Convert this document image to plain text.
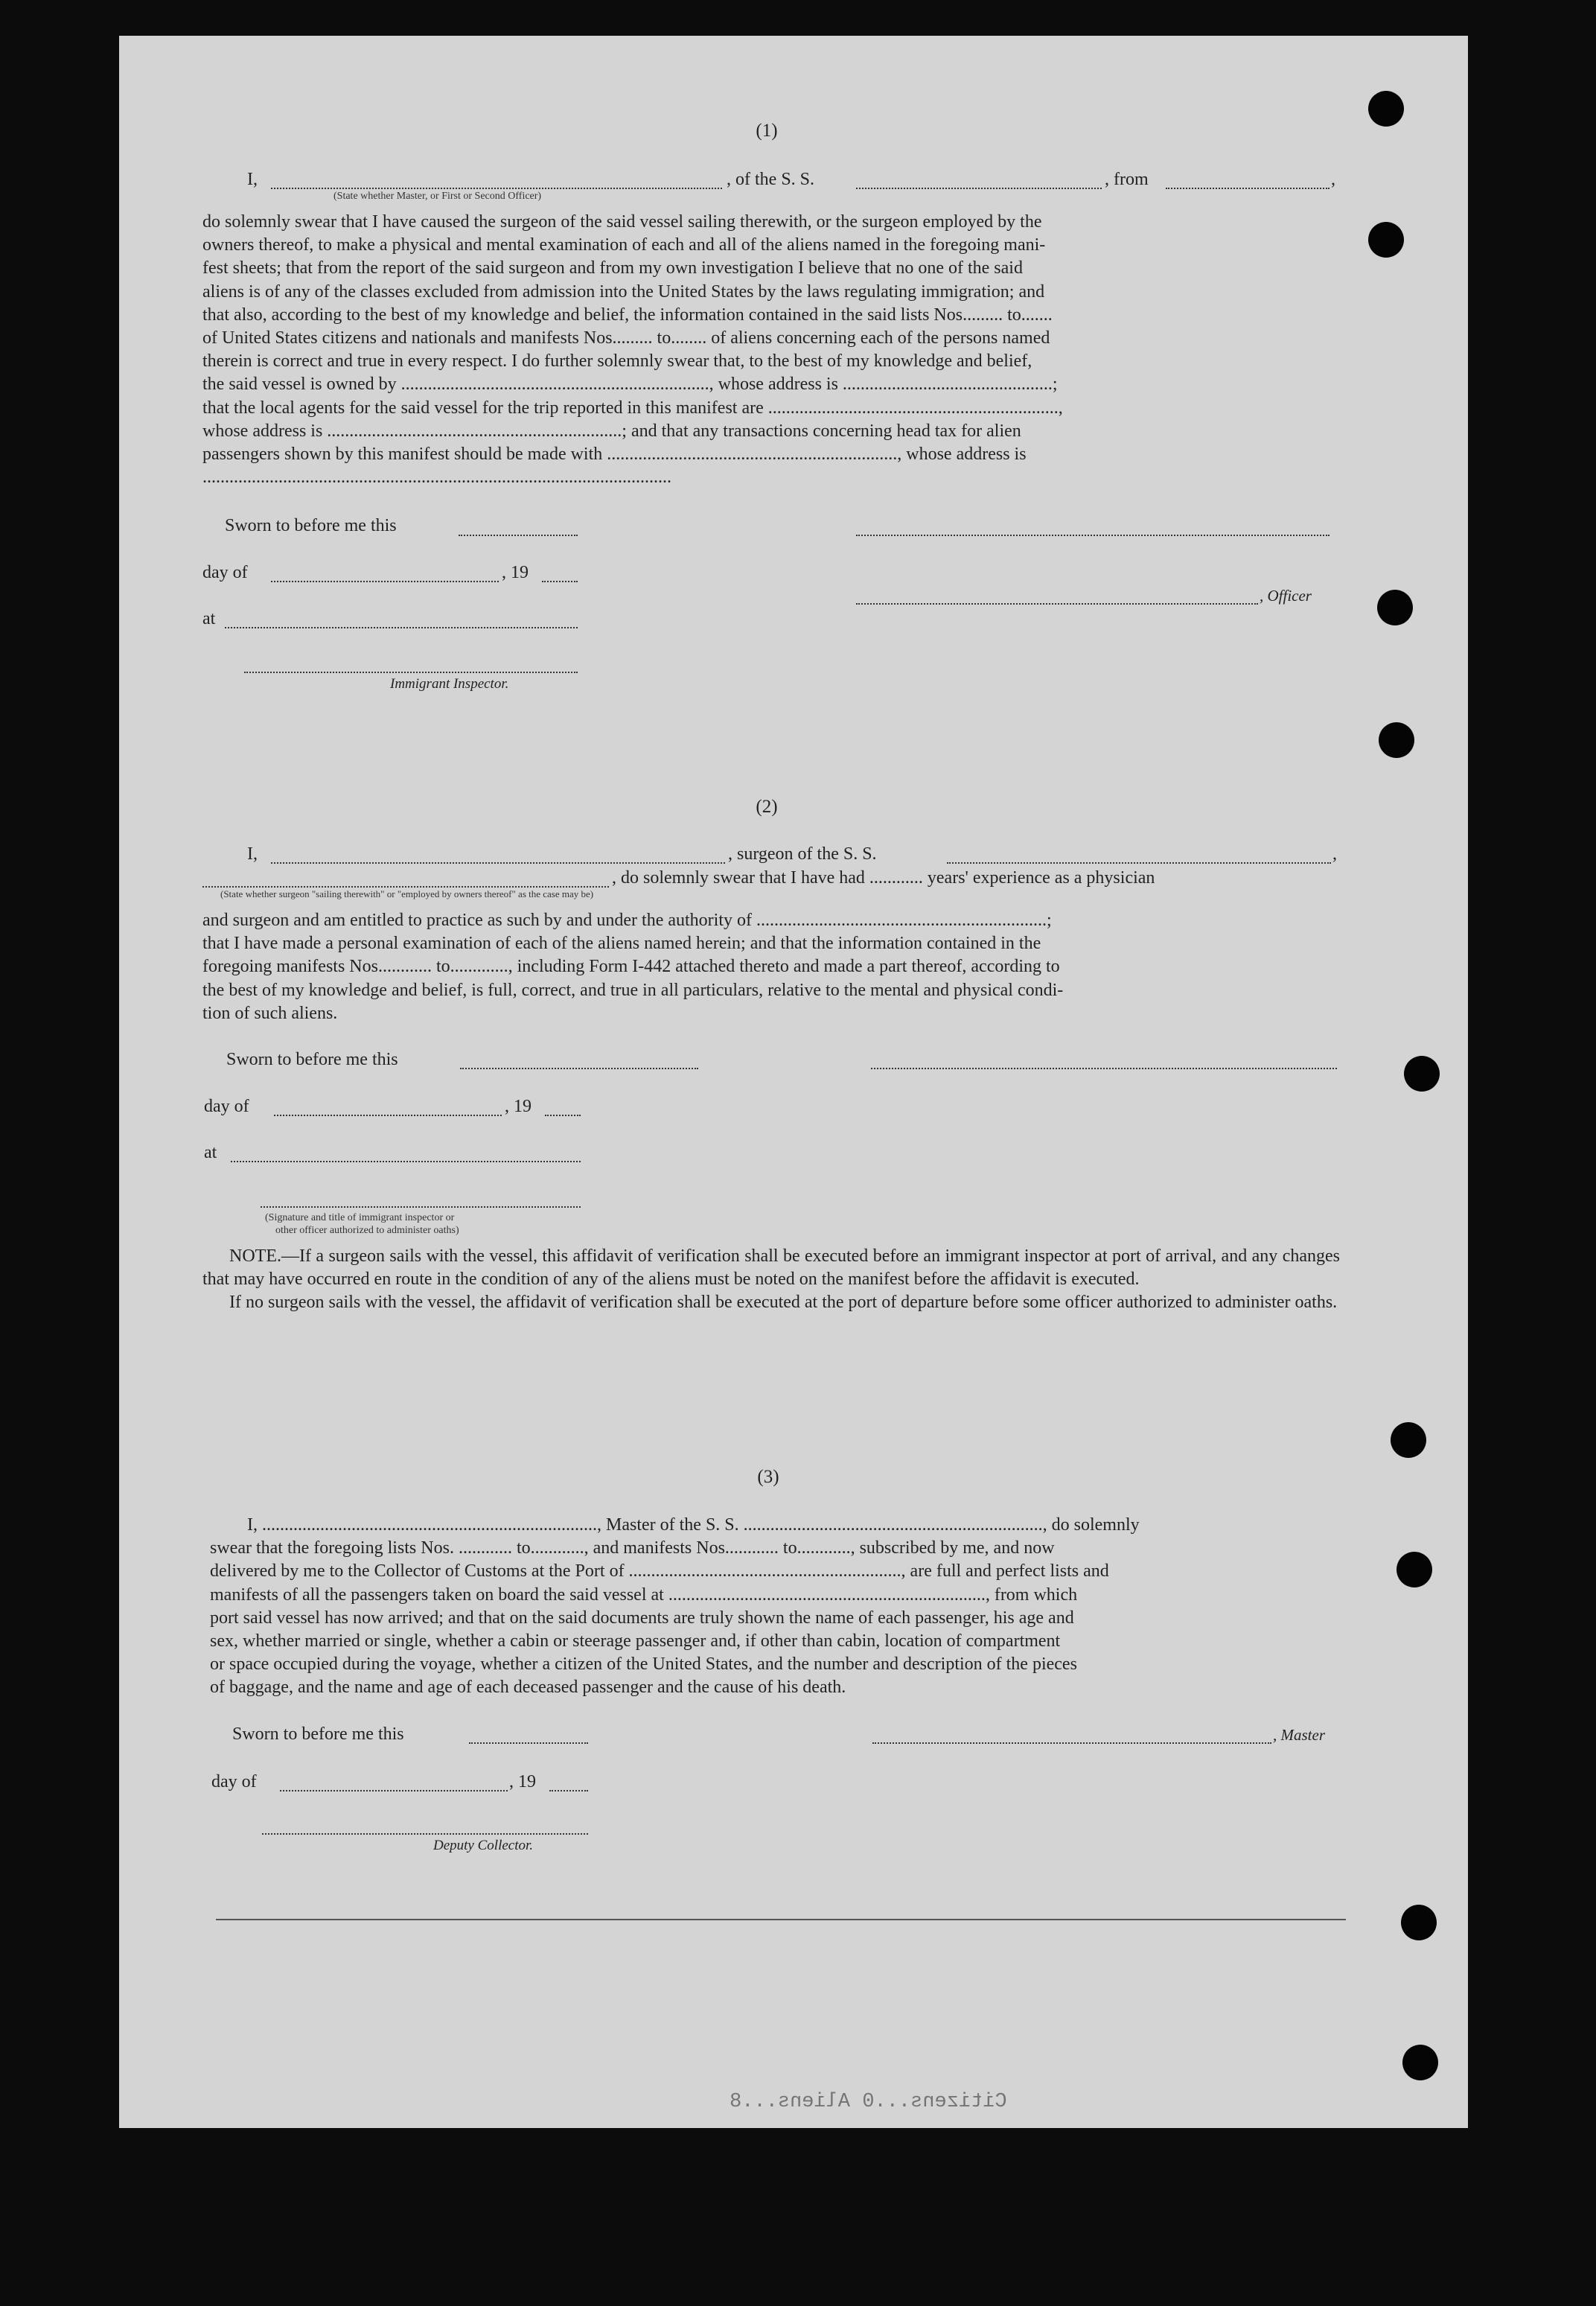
(1)
I,	, of the S. S.	, from	,
(State whether Master, or First or Second Officer)

do solemnly swear that I have caused the surgeon of the said vessel sailing therewith, or the surgeon employed by the

owners thereof, to make a physical and mental examination of each and all of the aliens named in the foregoing mani-

fest sheets; that from the report of the said surgeon and from my own investigation I believe that no one of the said

aliens is of any of the classes excluded from admission into the United States by the laws regulating immigration; and

that also, according to the best of my knowledge and belief, the information contained in the said lists Nos......... to.......

of United States citizens and nationals and manifests Nos......... to........ of aliens concerning each of the persons named

therein is correct and true in every respect. I do further solemnly swear that, to the best of my knowledge and belief,

the said vessel is owned by ....................................................................., whose address is ...............................................;

that the local agents for the said vessel for the trip reported in this manifest are .................................................................,

whose address is ..................................................................; and that any transactions concerning head tax for alien

passengers shown by this manifest should be made with ................................................................., whose address is

.........................................................................................................

Sworn to before me this
day of	, 19
, Officer
at
Immigrant Inspector.
(2)
I,	, surgeon of the S. S.	,
, do solemnly swear that I have had ............ years' experience as a physician
(State whether surgeon "sailing therewith" or "employed by owners thereof" as the case may be)

and surgeon and am entitled to practice as such by and under the authority of .................................................................;

that I have made a personal examination of each of the aliens named herein; and that the information contained in the

foregoing manifests Nos............ to............., including Form I-442 attached thereto and made a part thereof, according to

the best of my knowledge and belief, is full, correct, and true in all particulars, relative to the mental and physical condi-

tion of such aliens.

Sworn to before me this
day of	, 19
at
(Signature and title of immigrant inspector or
other officer authorized to administer oaths)

NOTE.—If a surgeon sails with the vessel, this affidavit of verification shall be executed before an immigrant inspector at port of arrival, and any changes that may have occurred en route in the condition of any of the aliens must be noted on the manifest before the affidavit is executed.

If no surgeon sails with the vessel, the affidavit of verification shall be executed at the port of departure before some officer authorized to administer oaths.

(3)

I, ..........................................................................., Master of the S. S. ..................................................................., do solemnly

swear that the foregoing lists Nos. ............ to............, and manifests Nos............ to............, subscribed by me, and now

delivered by me to the Collector of Customs at the Port of ............................................................., are full and perfect lists and

manifests of all the passengers taken on board the said vessel at ......................................................................., from which

port said vessel has now arrived; and that on the said documents are truly shown the name of each passenger, his age and

sex, whether married or single, whether a cabin or steerage passenger and, if other than cabin, location of compartment

or space occupied during the voyage, whether a citizen of the United States, and the number and description of the pieces

of baggage, and the name and age of each deceased passenger and the cause of his death.

Sworn to before me this	, Master
day of	, 19
Deputy Collector.
Citizens...0 Aliens...8
